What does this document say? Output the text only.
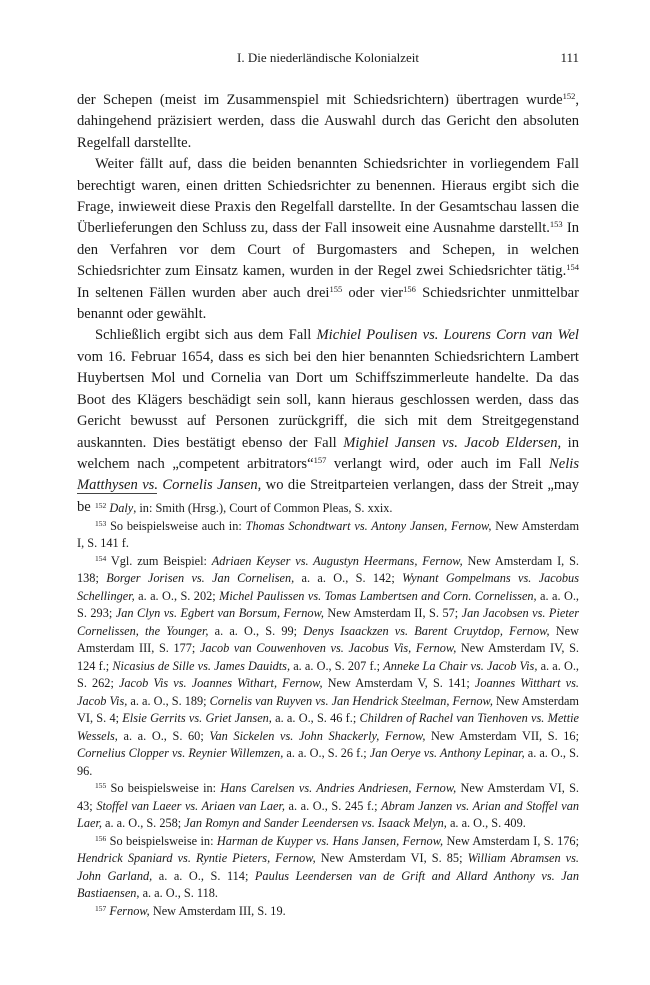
I. Die niederländische Kolonialzeit	111

der Schepen (meist im Zusammenspiel mit Schiedsrichtern) übertragen wurde$^{152}$, dahingehend präzisiert werden, dass die Auswahl durch das Gericht den absoluten Regelfall darstellte.

Weiter fällt auf, dass die beiden benannten Schiedsrichter in vorliegendem Fall berechtigt waren, einen dritten Schiedsrichter zu benennen. Hieraus ergibt sich die Frage, inwieweit diese Praxis den Regelfall darstellte. In der Gesamtschau lassen die Überlieferungen den Schluss zu, dass der Fall insoweit eine Ausnahme darstellt.$^{153}$ In den Verfahren vor dem Court of Burgomasters and Schepen, in welchen Schiedsrichter zum Einsatz kamen, wurden in der Regel zwei Schiedsrichter tätig.$^{154}$ In seltenen Fällen wurden aber auch drei$^{155}$ oder vier$^{156}$ Schiedsrichter unmittelbar benannt oder gewählt.

Schließlich ergibt sich aus dem Fall Michiel Poulisen vs. Lourens Corn van Wel vom 16. Februar 1654, dass es sich bei den hier benannten Schiedsrichtern Lambert Huybertsen Mol und Cornelia van Dort um Schiffszimmerleute handelte. Da das Boot des Klägers beschädigt sein soll, kann hieraus geschlossen werden, dass das Gericht bewusst auf Personen zurückgriff, die sich mit dem Streitgegenstand auskannten. Dies bestätigt ebenso der Fall Mighiel Jansen vs. Jacob Eldersen, in welchem nach „competent arbitrators“$^{157}$ verlangt wird, oder auch im Fall Nelis Matthysen vs. Cornelis Jansen, wo die Streitparteien verlangen, dass der Streit „may be $^{152}$ Daly, in: Smith (Hrsg.), Court of Common Pleas, S. xxix.

$^{153}$ So beispielsweise auch in: Thomas Schondtwart vs. Antony Jansen, Fernow, New Amsterdam I, S. 141 f.

$^{154}$ Vgl. zum Beispiel: Adriaen Keyser vs. Augustyn Heermans, Fernow, New Amsterdam I, S. 138; Borger Jorisen vs. Jan Cornelisen, a. a. O., S. 142; Wynant Gompelmans vs. Jacobus Schellinger, a. a. O., S. 202; Michel Paulissen vs. Tomas Lambertsen and Corn. Cornelissen, a. a. O., S. 293; Jan Clyn vs. Egbert van Borsum, Fernow, New Amsterdam II, S. 57; Jan Jacobsen vs. Pieter Cornelissen, the Younger, a. a. O., S. 99; Denys Isaackzen vs. Barent Cruytdop, Fernow, New Amsterdam III, S. 177; Jacob van Couwenhoven vs. Jacobus Vis, Fernow, New Amsterdam IV, S. 124 f.; Nicasius de Sille vs. James Dauidts, a. a. O., S. 207 f.; Anneke La Chair vs. Jacob Vis, a. a. O., S. 262; Jacob Vis vs. Joannes Withart, Fernow, New Amsterdam V, S. 141; Joannes Witthart vs. Jacob Vis, a. a. O., S. 189; Cornelis van Ruyven vs. Jan Hendrick Steelman, Fernow, New Amsterdam VI, S. 4; Elsie Gerrits vs. Griet Jansen, a. a. O., S. 46 f.; Children of Rachel van Tienhoven vs. Mettie Wessels, a. a. O., S. 60; Van Sickelen vs. John Shackerly, Fernow, New Amsterdam VII, S. 16; Cornelius Clopper vs. Reynier Willemzen, a. a. O., S. 26 f.; Jan Oerye vs. Anthony Lepinar, a. a. O., S. 96.

$^{155}$ So beispielsweise in: Hans Carelsen vs. Andries Andriesen, Fernow, New Amsterdam VI, S. 43; Stoffel van Laeer vs. Ariaen van Laer, a. a. O., S. 245 f.; Abram Janzen vs. Arian and Stoffel van Laer, a. a. O., S. 258; Jan Romyn and Sander Leendersen vs. Isaack Melyn, a. a. O., S. 409.

$^{156}$ So beispielsweise in: Harman de Kuyper vs. Hans Jansen, Fernow, New Amsterdam I, S. 176; Hendrick Spaniard vs. Ryntie Pieters, Fernow, New Amsterdam VI, S. 85; William Abramsen vs. John Garland, a. a. O., S. 114; Paulus Leendersen van de Grift and Allard Anthony vs. Jan Bastiaensen, a. a. O., S. 118.

$^{157}$ Fernow, New Amsterdam III, S. 19.
